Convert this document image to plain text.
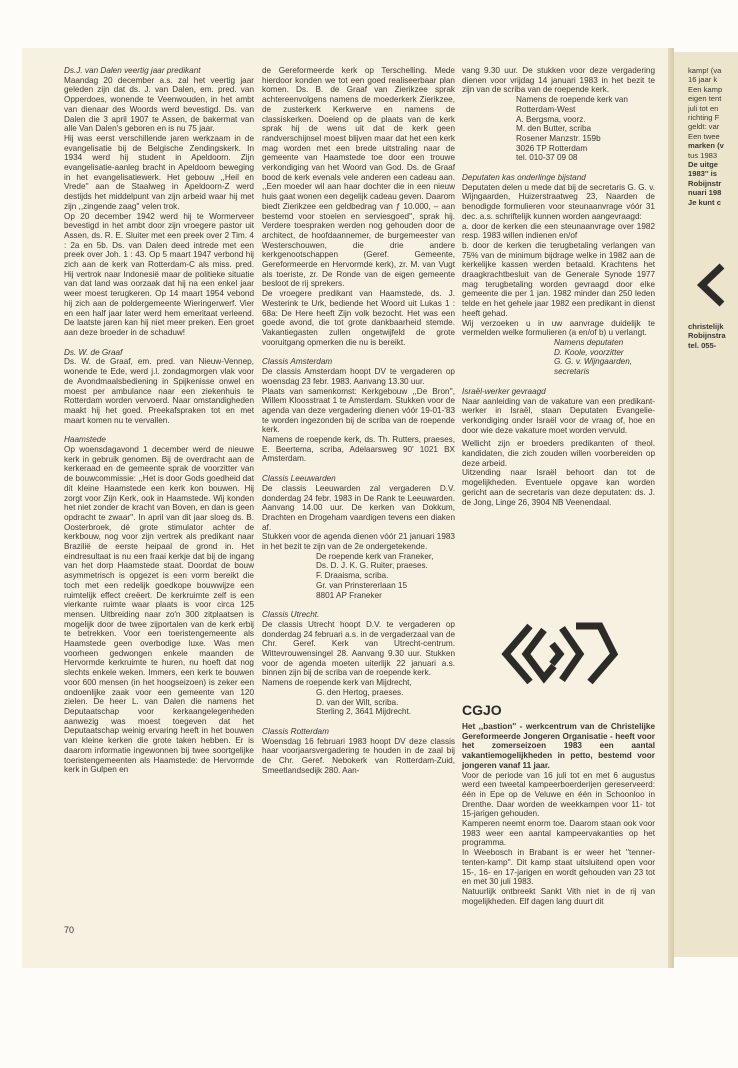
Ds.J. van Dalen veertig jaar predikant

Maandag 20 december a.s. zal het veertig jaar geleden zijn dat ds. J. van Dalen, em. pred. van Opperdoes, wonende te Veenwouden, in het ambt van dienaar des Woords werd bevestigd. Ds. van Dalen die 3 april 1907 te Assen, de bakermat van alle Van Dalen's geboren en is nu 75 jaar.

Hij was eerst verschillende jaren werkzaam in de evangelisatie bij de Belgische Zendingskerk. In 1934 werd hij student in Apeldoorn. Zijn evangelisatie-aanleg bracht in Apeldoorn beweging in het evangelisatiewerk. Het gebouw ,,Heil en Vrede'' aan de Staalweg in Apeldoorn-Z werd destijds het middelpunt van zijn arbeid waar hij met zijn ,,zingende zaag'' velen trok.

Op 20 december 1942 werd hij te Wormerveer bevestigd in het ambt door zijn vroegere pastor uit Assen, ds. R. E. Sluiter met een preek over 2 Tim. 4 : 2a en 5b. Ds. van Dalen deed intrede met een preek over Joh. 1 : 43. Op 5 maart 1947 verbond hij zich aan de kerk van Rotterdam-C als miss. pred. Hij vertrok naar Indonesië maar de politieke situatie van dat land was oorzaak dat hij na een enkel jaar weer moest terugkeren. Op 14 maart 1954 vebond hij zich aan de poldergemeente Wieringerwerf. Vier en een half jaar later werd hem emeritaat verleend. De laatste jaren kan hij niet meer preken. Een groet aan deze broeder in de schaduw!

Ds. W. de Graaf

Ds. W. de Graaf, em. pred. van Nieuw-Vennep, wonende te Ede, werd j.l. zondagmorgen vlak voor de Avondmaalsbediening in Spijkenisse onwel en moest per ambulance naar een ziekenhuis te Rotterdam worden vervoerd. Naar omstandigheden maakt hij het goed. Preekafspraken tot en met maart komen nu te vervallen.

Haamstede

Op woensdagavond 1 december werd de nieuwe kerk in gebruik genomen. Bij de overdracht aan de kerkeraad en de gemeente sprak de voorzitter van de bouwcommissie: ,,Het is door Gods goedheid dat dit kleine Haamstede een kerk kon bouwen. Hij zorgt voor Zijn Kerk, ook in Haamstede. Wij konden het niet zonder de kracht van Boven, en dan is geen opdracht te zwaar''. In april van dit jaar sloeg ds. B. Oosterbroek, dé grote stimulator achter de kerkbouw, nog voor zijn vertrek als predikant naar Brazilië de eerste heipaal de grond in. Het eindresultaat is nu een fraai kerkje dat bij de ingang van het dorp Haamstede staat. Doordat de bouw asymmetrisch is opgezet is een vorm bereikt die toch met een redelijk goedkope bouwwijze een ruimtelijk effect creëert. De kerkruimte zelf is een vierkante ruimte waar plaats is voor circa 125 mensen. Uitbreiding naar zo'n 300 zitplaatsen is mogelijk door de twee zijportalen van de kerk erbij te betrekken. Voor een toeristengemeente als Haamstede geen overbodige luxe. Was men voorheen gedwongen enkele maanden de Hervormde kerkruimte te huren, nu hoeft dat nog slechts enkele weken. Immers, een kerk te bouwen voor 600 mensen (in het hoogseizoen) is zeker een ondoenlijke zaak voor een gemeente van 120 zielen. De heer L. van Dalen die namens het Deputaatschap voor kerkaangelegenheden aanwezig was moest toegeven dat het Deputaatschap weinig ervaring heeft in het bouwen van kleine kerken die grote taken hebben. Er is daarom informatie ingewonnen bij twee soortgelijke toeristengemeenten als Haamstede: de Hervormde kerk in Gulpen en

de Gereformeerde kerk op Terschelling. Mede hierdoor konden we tot een goed realiseerbaar plan komen. Ds. B. de Graaf van Zierikzee sprak achtereenvolgens namens de moederkerk Zierikzee, de zusterkerk Kerkwerve en namens de classiskerken. Doelend op de plaats van de kerk sprak hij de wens uit dat de kerk geen randverschijnsel moest blijven maar dat het een kerk mag worden met een brede uitstraling naar de gemeente van Haamstede toe door een trouwe verkondiging van het Woord van God. Ds. de Graaf bood de kerk evenals vele anderen een cadeau aan. ,,Een moeder wil aan haar dochter die in een nieuw huis gaat wonen een degelijk cadeau geven. Daarom biedt Zierikzee een geldbedrag van ƒ 10.000, – aan bestemd voor stoelen en serviesgoed'', sprak hij. Verdere toespraken werden nog gehouden door de architect, de hoofdaannemer, de burgemeester van Westerschouwen, die drie andere kerkgenootschappen (Geref. Gemeente, Gereformeerde en Hervormde kerk), zr. M. van Vugt als toeriste, zr. De Ronde van de eigen gemeente besloot de rij sprekers.

De vroegere predikant van Haamstede, ds. J. Westerink te Urk, bediende het Woord uit Lukas 1 : 68a: De Here heeft Zijn volk bezocht. Het was een goede avond, die tot grote dankbaarheid stemde. Vakantiegasten zullen ongetwijfeld de grote vooruitgang opmerken die nu is bereikt.

Classis Amsterdam

De classis Amsterdam hoopt DV te vergaderen op woensdag 23 febr. 1983. Aanvang 13.30 uur.

Plaats van samenkomst: Kerkgebouw ,,De Bron'', Willem Kloosstraat 1 te Amsterdam. Stukken voor de agenda van deze vergadering dienen vóór 19-01-'83 te worden ingezonden bij de scriba van de roepende kerk.

Namens de roepende kerk, ds. Th. Rutters, praeses, E. Beertema, scriba, Adelaarsweg 90' 1021 BX Amsterdam.

Classis Leeuwarden

De classis Leeuwarden zal vergaderen D.V. donderdag 24 febr. 1983 in De Rank te Leeuwarden. Aanvang 14.00 uur. De kerken van Dokkum, Drachten en Drogeham vaardigen tevens een diaken af.

Stukken voor de agenda dienen vóór 21 januari 1983 in het bezit te zijn van de 2e ondergetekende.

De roepende kerk van Franeker,

Ds. D. J. K. G. Ruiter, praeses.

F. Draaisma, scriba.

Gr. van Prinstererlaan 15

8801 AP Franeker

Classis Utrecht.

De classis Utrecht hoopt D.V. te vergaderen op donderdag 24 februari a.s. in de vergaderzaal van de Chr. Geref. Kerk van Utrecht-centrum. Wittevrouwensingel 28. Aanvang 9.30 uur. Stukken voor de agenda moeten uiterlijk 22 januari a.s. binnen zijn bij de scriba van de roepende kerk.

Namens de roepende kerk van Mijdrecht,

G. den Hertog, praeses.

D. van der Wilt, scriba.

Sterling 2, 3641 Mijdrecht.

Classis Rotterdam

Woensdag 16 februari 1983 hoopt DV deze classis haar voorjaarsvergadering te houden in de zaal bij de Chr. Geref. Nebokerk van Rotterdam-Zuid, Smeetlandsedijk 280. Aan-

vang 9.30 uur. De stukken voor deze vergadering dienen voor vrijdag 14 januari 1983 in het bezit te zijn van de scriba van de roepende kerk.

Namens de roepende kerk van

Rotterdam-West

A. Bergsma, voorz.

M. den Butter, scriba

Rosener Manzstr. 159b

3026 TP Rotterdam

tel. 010-37 09 08

Deputaten kas onderlinge bijstand

Deputaten delen u mede dat bij de secretaris G. G. v. Wijngaarden, Huizerstraatweg 23, Naarden de benodigde formulieren voor steunaanvrage vóór 31 dec. a.s. schriftelijk kunnen worden aangevraagd:

a. door de kerken die een steunaanvrage over 1982 resp. 1983 willen indienen en/of

b. door de kerken die terugbetaling verlangen van 75% van de minimum bijdrage welke in 1982 aan de kerkelijke kassen werden betaald. Krachtens het draagkrachtbesluit van de Generale Synode 1977 mag terugbetaling worden gevraagd door elke gemeente die per 1 jan. 1982 minder dan 250 leden telde en het gehele jaar 1982 een predikant in dienst heeft gehad.

Wij verzoeken u in uw aanvrage duidelijk te vermelden welke formulieren (a en/of b) u verlangt.

Namens deputaten

D. Koole, voorzitter

G. G. v. Wijngaarden, secretaris

Israël-werker gevraagd

Naar aanleiding van de vakature van een predikant-werker in Israël, staan Deputaten Evangelie-verkondiging onder Israël voor de vraag of, hoe en door wie deze vakature moet worden vervuld.

Wellicht zijn er broeders predikanten of theol. kandidaten, die zich zouden willen voorbereiden op deze arbeid.

Uitzending naar Israël behoort dan tot de mogelijkheden. Eventuele opgave kan worden gericht aan de secretaris van deze deputaten: ds. J. de Jong, Linge 26, 3904 NB Veenendaal.

CGJO

Het ,,bastion'' - werkcentrum van de Christelijke Gereformeerde Jongeren Organisatie - heeft voor het zomerseizoen 1983 een aantal vakantiemogelijkheden in petto, bestemd voor jongeren vanaf 11 jaar.

Voor de periode van 16 juli tot en met 6 augustus werd een tweetal kampeerboerderijen gereserveerd: één in Epe op de Veluwe en één in Schoonloo in Drenthe. Daar worden de weekkampen voor 11- tot 15-jarigen gehouden.

Kamperen neemt enorm toe. Daarom staan ook voor 1983 weer een aantal kampeervakanties op het programma.

In Weebosch in Brabant is er weer het ''tenner-tenten-kamp''. Dit kamp staat uitsluitend open voor 15-, 16- en 17-jarigen en wordt gehouden van 23 tot en met 30 juli 1983.

Natuurlijk ontbreekt Sankt Vith niet in de rij van mogelijkheden. Elf dagen lang duurt dit

kamp! (va

16 jaar k

Een kamp

eigen tent

juli tot en

richting F

geldt: var

Een twee

marken (v

tus 1983

De uitge

1983'' is

Robijnstr

nuari 198

Je kunt c

christelijk

Robijnstra

tel. 055-

70
